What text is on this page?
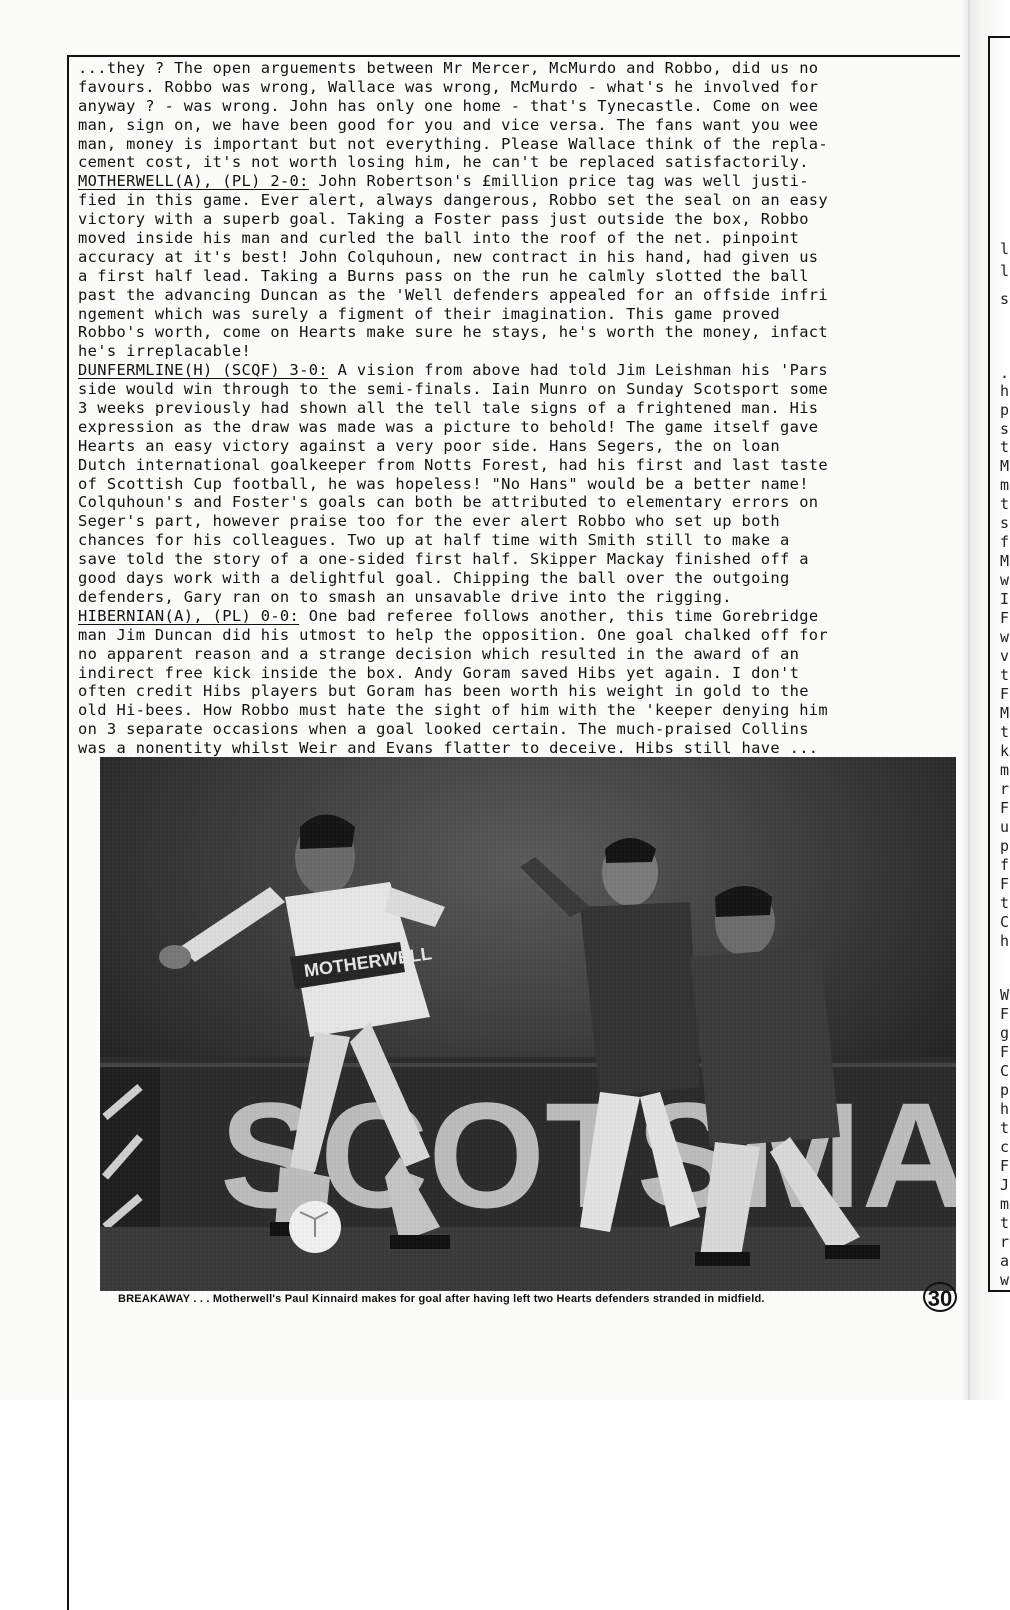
l
l
s
.
h
p
s
t
M
m
t
s
f
M
w
I
F
w
v
t
F
M
t
k
m
r
F
u
p
f
F
t
C
h
W
F
g
F
C
p
h
t
c
F
J
m
t
r
a
w
...they ? The open arguements between Mr Mercer, McMurdo and Robbo, did us no
favours. Robbo was wrong, Wallace was wrong, McMurdo - what's he involved for
anyway ? - was wrong. John has only one home - that's Tynecastle. Come on wee
man, sign on, we have been good for you and vice versa. The fans want you wee
man, money is important but not everything. Please Wallace think of the repla-
cement cost, it's not worth losing him, he can't be replaced satisfactorily.
MOTHERWELL(A), (PL) 2-0: John Robertson's £million price tag was well justi-
fied in this game. Ever alert, always dangerous, Robbo set the seal on an easy
victory with a superb goal. Taking a Foster pass just outside the box, Robbo
moved inside his man and curled the ball into the roof of the net. pinpoint
accuracy at it's best! John Colquhoun, new contract in his hand, had given us
a first half lead. Taking a Burns pass on the run he calmly slotted the ball
past the advancing Duncan as the 'Well defenders appealed for an offside infri
ngement which was surely a figment of their imagination. This game proved
Robbo's worth, come on Hearts make sure he stays, he's worth the money, infact
he's irreplacable!
DUNFERMLINE(H) (SCQF) 3-0: A vision from above had told Jim Leishman his 'Pars
side would win through to the semi-finals. Iain Munro on Sunday Scotsport some
3 weeks previously had shown all the tell tale signs of a frightened man. His
expression as the draw was made was a picture to behold! The game itself gave
Hearts an easy victory against a very poor side. Hans Segers, the on loan
Dutch international goalkeeper from Notts Forest, had his first and last taste
of Scottish Cup football, he was hopeless! "No Hans" would be a better name!
Colquhoun's and Foster's goals can both be attributed to elementary errors on
Seger's part, however praise too for the ever alert Robbo who set up both
chances for his colleagues. Two up at half time with Smith still to make a
save told the story of a one-sided first half. Skipper Mackay finished off a
good days work with a delightful goal. Chipping the ball over the outgoing
defenders, Gary ran on to smash an unsavable drive into the rigging.
HIBERNIAN(A), (PL) 0-0: One bad referee follows another, this time Gorebridge
man Jim Duncan did his utmost to help the opposition. One goal chalked off for
no apparent reason and a strange decision which resulted in the award of an
indirect free kick inside the box. Andy Goram saved Hibs yet again. I don't
often credit Hibs players but Goram has been worth his weight in gold to the
old Hi-bees. How Robbo must hate the sight of him with the 'keeper denying him
on 3 separate occasions when a goal looked certain. The much-praised Collins
was a nonentity whilst Weir and Evans flatter to deceive. Hibs still have ...
BREAKAWAY . . . Motherwell's Paul Kinnaird makes for goal after having left two Hearts defenders stranded in midfield.	30
